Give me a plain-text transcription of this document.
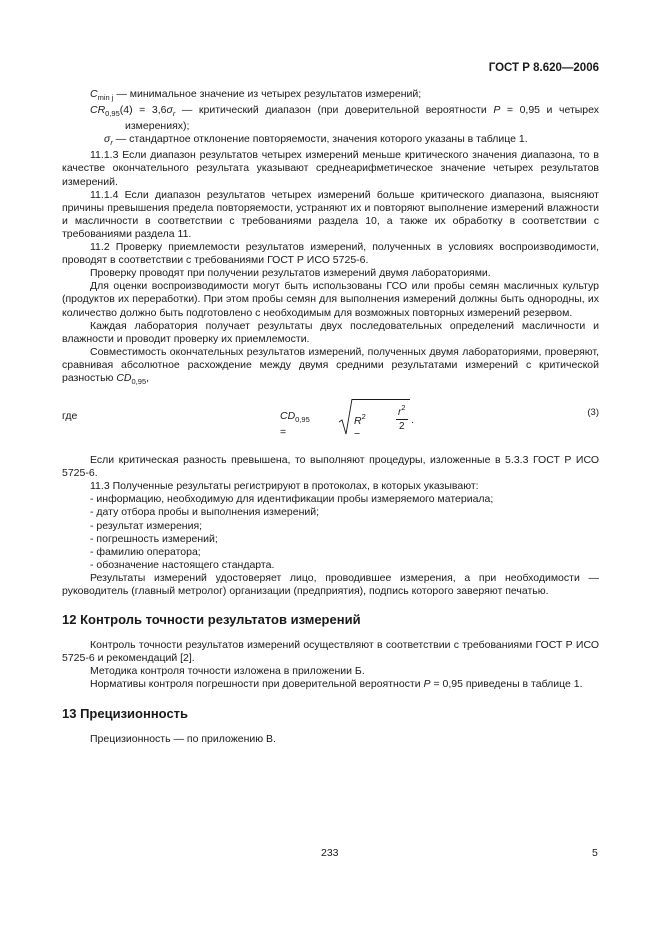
ГОСТ Р 8.620—2006

$C_{min j}$ — минимальное значение из четырех результатов измерений;

$CR_{0,95}(4) = 3,6\sigma_r$ — критический диапазон (при доверительной вероятности P = 0,95 и четырех измерениях);

$\sigma_r$ — стандартное отклонение повторяемости, значения которого указаны в таблице 1.

11.1.3 Если диапазон результатов четырех измерений меньше критического значения диапазона, то в качестве окончательного результата указывают среднеарифметическое значение четырех результатов измерений.

11.1.4 Если диапазон результатов четырех измерений больше критического диапазона, выясняют причины превышения предела повторяемости, устраняют их и повторяют выполнение измерений влажности и масличности в соответствии с требованиями раздела 10, а также их обработку в соответствии с требованиями раздела 11.

11.2 Проверку приемлемости результатов измерений, полученных в условиях воспроизводимости, проводят в соответствии с требованиями ГОСТ Р ИСО 5725-6.

Проверку проводят при получении результатов измерений двумя лабораториями.

Для оценки воспроизводимости могут быть использованы ГСО или пробы семян масличных культур (продуктов их переработки). При этом пробы семян для выполнения измерений должны быть однородны, их количество должно быть подготовлено с необходимым для возможных повторных измерений резервом.

Каждая лаборатория получает результаты двух последовательных определений масличности и влажности и проводит проверку их приемлемости.

Совместимость окончательных результатов измерений, полученных двумя лабораториями, проверяют, сравнивая абсолютное расхождение между двумя средними результатами измерений с критической разностью $CD_{0,95}$,

где	$CD_{0,95}$ =
$R^2$ −
$\frac{r^2}{2}$ .
(3)

Если критическая разность превышена, то выполняют процедуры, изложенные в 5.3.3 ГОСТ Р ИСО 5725-6.

11.3 Полученные результаты регистрируют в протоколах, в которых указывают:

- информацию, необходимую для идентификации пробы измеряемого материала;
- дату отбора пробы и выполнения измерений;
- результат измерения;
- погрешность измерений;
- фамилию оператора;
- обозначение настоящего стандарта.

Результаты измерений удостоверяет лицо, проводившее измерения, а при необходимости — руководитель (главный метролог) организации (предприятия), подпись которого заверяют печатью.

12 Контроль точности результатов измерений

Контроль точности результатов измерений осуществляют в соответствии с требованиями ГОСТ Р ИСО 5725-6 и рекомендаций [2].

Методика контроля точности изложена в приложении Б.

Нормативы контроля погрешности при доверительной вероятности P = 0,95 приведены в таблице 1.

13 Прецизионность

Прецизионность — по приложению В.

233	5
